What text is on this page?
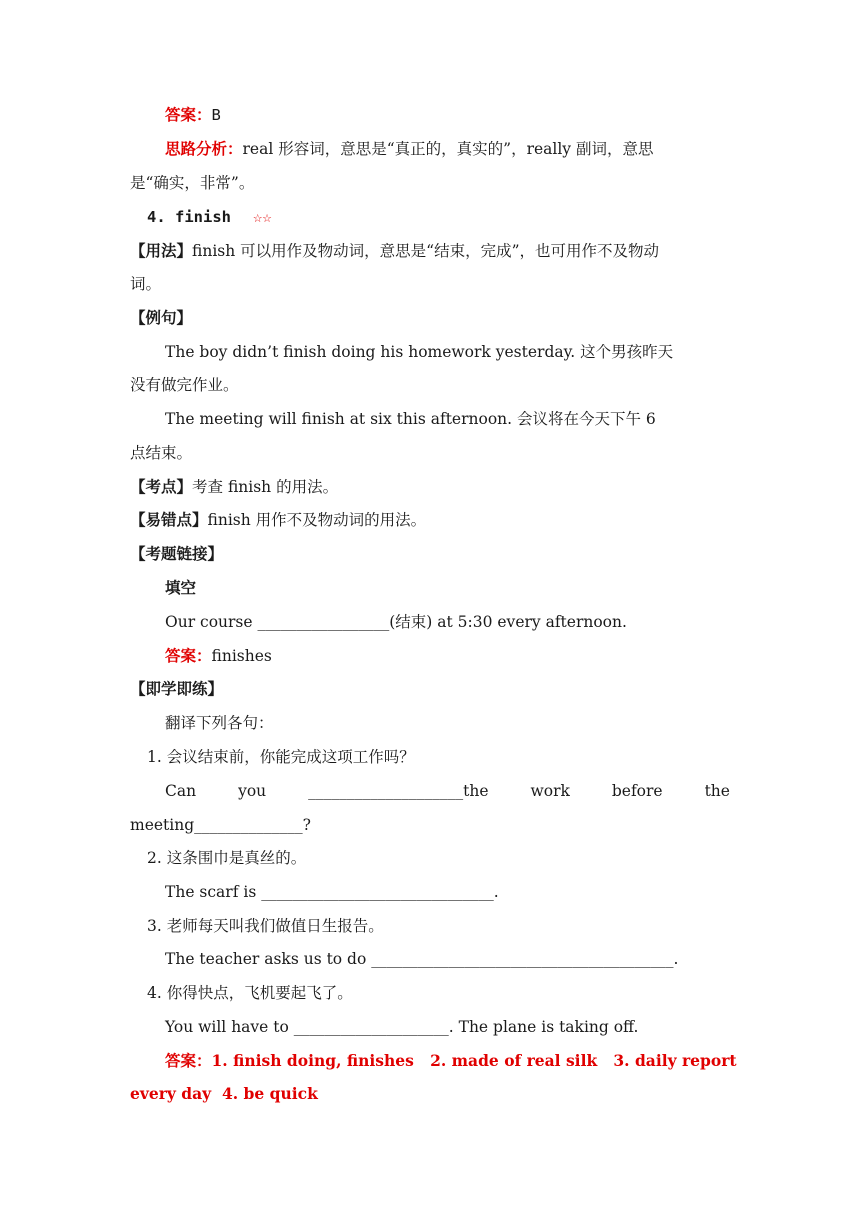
答案：B
思路分析：real 形容词，意思是“真正的，真实的”，really 副词，意思
是“确实，非常”。
4. finish ☆☆
【用法】finish 可以用作及物动词，意思是“结束，完成”，也可用作不及物动
词。
【例句】
The boy didn’t finish doing his homework yesterday. 这个男孩昨天
没有做完作业。
The meeting will finish at six this afternoon. 会议将在今天下午 6
点结束。
【考点】考查 finish 的用法。
【易错点】finish 用作不及物动词的用法。
【考题链接】
填空
Our course _________________(结束) at 5:30 every afternoon.
答案：finishes
【即学即练】
翻译下列各句：
1. 会议结束前，你能完成这项工作吗？
Can	you	____________________the	work	before	the
meeting______________?
2. 这条围巾是真丝的。
The scarf is ______________________________.
3. 老师每天叫我们做值日生报告。
The teacher asks us to do _______________________________________.
4. 你得快点，飞机要起飞了。
You will have to ____________________. The plane is taking off.
答案：1. finish doing, finishes   2. made of real silk   3. daily report
every day  4. be quick
